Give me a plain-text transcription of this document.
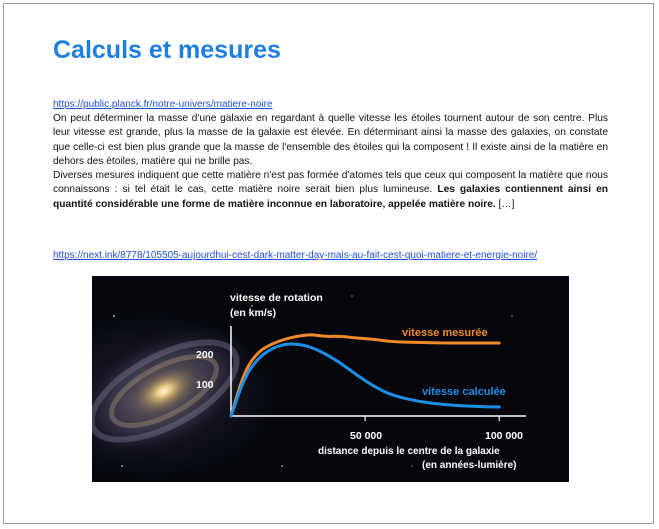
Calculs et mesures
https://public.planck.fr/notre-univers/matiere-noire

On peut déterminer la masse d'une galaxie en regardant à quelle vitesse les étoiles tournent autour de son centre. Plus leur vitesse est grande, plus la masse de la galaxie est élevée. En déterminant ainsi la masse des galaxies, on constate que celle-ci est bien plus grande que la masse de l'ensemble des étoiles qui la composent ! Il existe ainsi de la matière en dehors des étoiles, matière qui ne brille pas.

Diverses mesures indiquent que cette matière n'est pas formée d'atomes tels que ceux qui composent la matière que nous connaissons : si tel était le cas, cette matière noire serait bien plus lumineuse. Les galaxies contiennent ainsi en quantité considérable une forme de matière inconnue en laboratoire, appelée matière noire. […]

https://next.ink/8778/105505-aujourdhui-cest-dark-matter-day-mais-au-fait-cest-quoi-matiere-et-energie-noire/
vitesse de rotation
(en km/s)
200
100
50 000	100 000
distance depuis le centre de la galaxie
(en années-lumière)
vitesse mesurée
vitesse calculée
